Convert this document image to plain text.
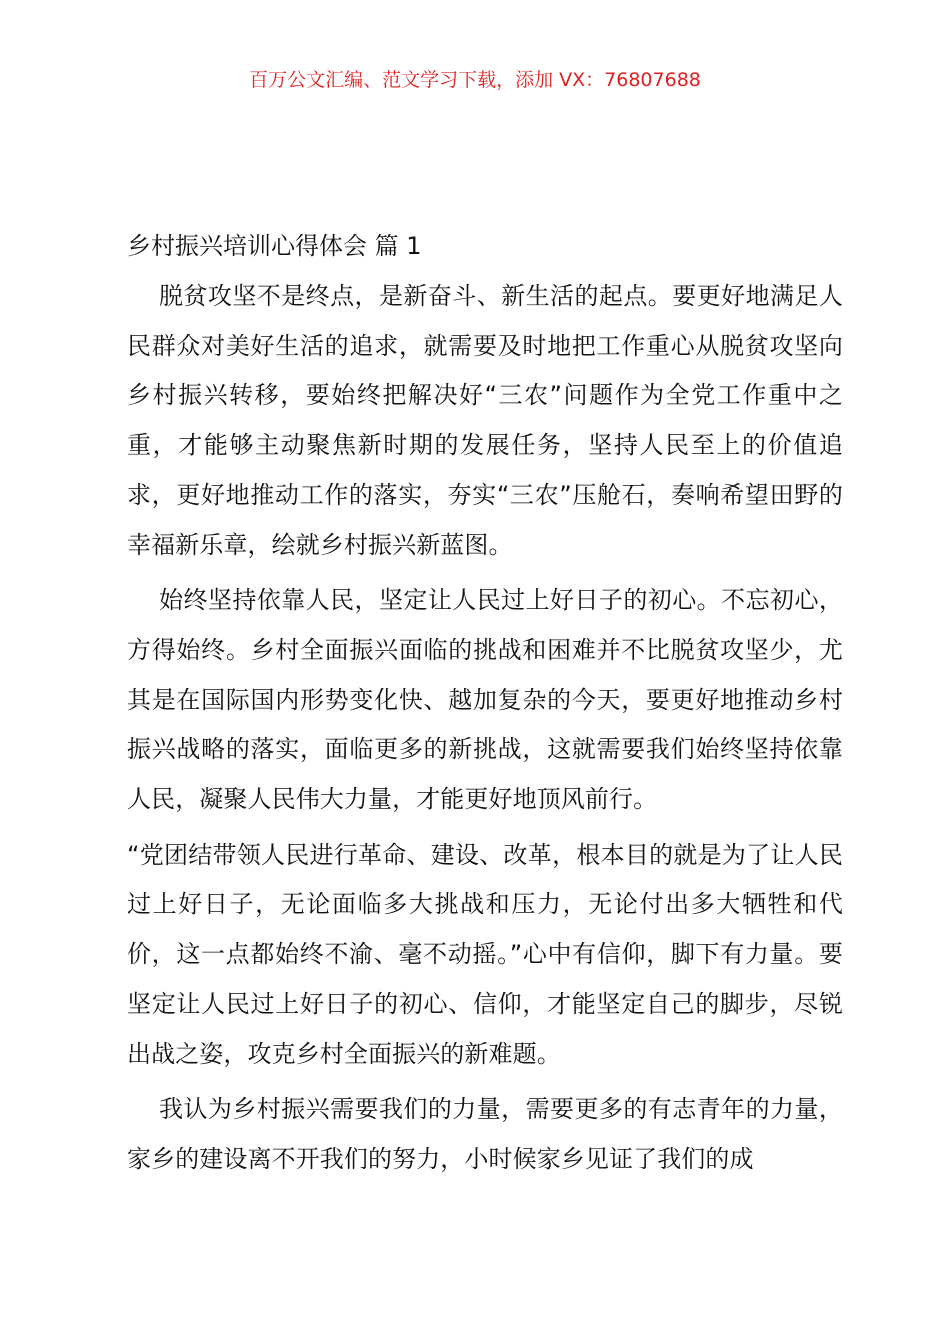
百万公文汇编、范文学习下载，添加 VX：76807688
乡村振兴培训心得体会 篇 1

脱贫攻坚不是终点，是新奋斗、新生活的起点。要更好地满足人民群众对美好生活的追求，就需要及时地把工作重心从脱贫攻坚向乡村振兴转移，要始终把解决好“三农”问题作为全党工作重中之重，才能够主动聚焦新时期的发展任务，坚持人民至上的价值追求，更好地推动工作的落实，夯实“三农”压舱石，奏响希望田野的幸福新乐章，绘就乡村振兴新蓝图。

始终坚持依靠人民，坚定让人民过上好日子的初心。不忘初心，方得始终。乡村全面振兴面临的挑战和困难并不比脱贫攻坚少，尤其是在国际国内形势变化快、越加复杂的今天，要更好地推动乡村振兴战略的落实，面临更多的新挑战，这就需要我们始终坚持依靠人民，凝聚人民伟大力量，才能更好地顶风前行。

“党团结带领人民进行革命、建设、改革，根本目的就是为了让人民过上好日子，无论面临多大挑战和压力，无论付出多大牺牲和代价，这一点都始终不渝、毫不动摇。”心中有信仰，脚下有力量。要坚定让人民过上好日子的初心、信仰，才能坚定自己的脚步，尽锐出战之姿，攻克乡村全面振兴的新难题。

我认为乡村振兴需要我们的力量，需要更多的有志青年的力量，家乡的建设离不开我们的努力，小时候家乡见证了我们的成
